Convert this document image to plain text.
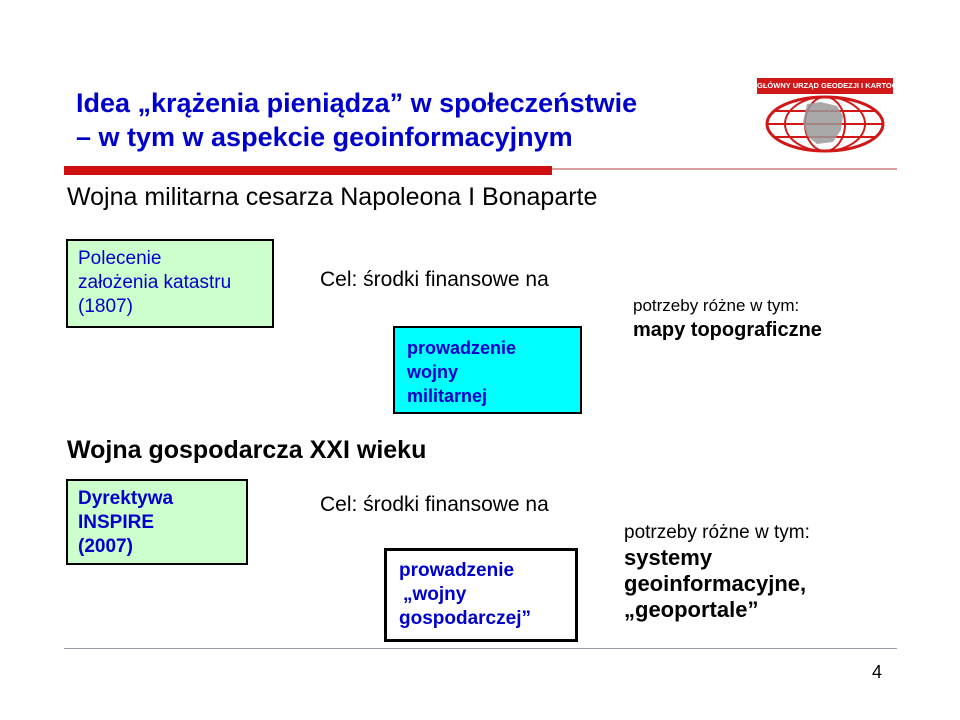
Idea „krążenia pieniądza” w społeczeństwie
– w tym w aspekcie geoinformacyjnym
GŁÓWNY URZĄD GEODEZJI I KARTOGRAFII
Wojna militarna cesarza Napoleona I Bonaparte
Polecenie
założenia katastru
(1807)
Cel: środki finansowe na
prowadzenie
wojny
militarnej
potrzeby różne w tym:
mapy topograficzne
Wojna gospodarcza XXI wieku
Dyrektywa
INSPIRE
(2007)
Cel: środki finansowe na
prowadzenie
„wojny
gospodarczej”
potrzeby różne w tym:
systemy
geoinformacyjne,
„geoportale”
4
